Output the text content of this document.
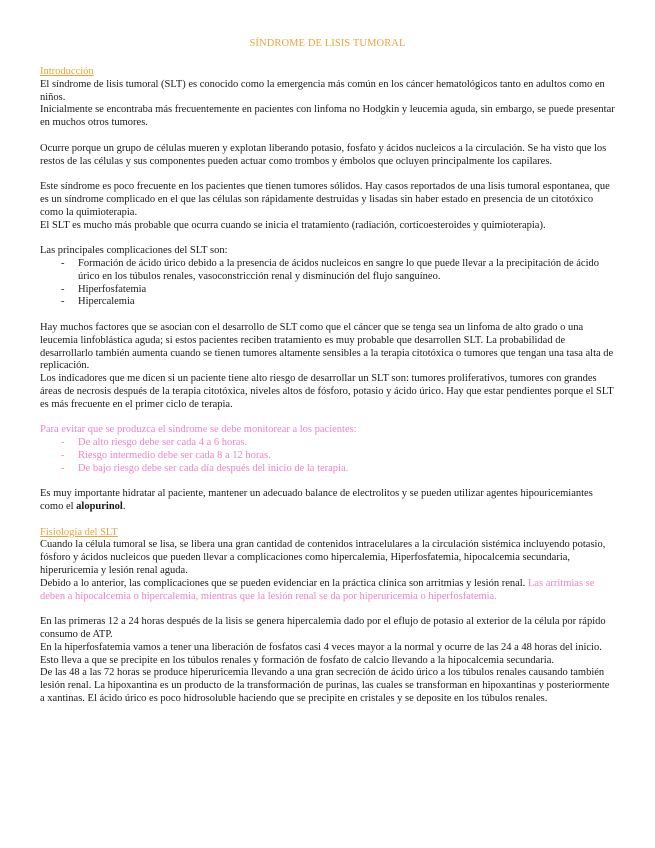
SÍNDROME DE LISIS TUMORAL
Introducción

El síndrome de lisis tumoral (SLT) es conocido como la emergencia más común en los cáncer hematológicos tanto en adultos como en niños.

Inicialmente se encontraba más frecuentemente en pacientes con linfoma no Hodgkin y leucemia aguda, sin embargo, se puede presentar en muchos otros tumores.

Ocurre porque un grupo de células mueren y explotan liberando potasio, fosfato y ácidos nucleicos a la circulación. Se ha visto que los restos de las células y sus componentes pueden actuar como trombos y émbolos que ocluyen principalmente los capilares.

Este síndrome es poco frecuente en los pacientes que tienen tumores sólidos. Hay casos reportados de una lisis tumoral espontanea, que es un síndrome complicado en el que las células son rápidamente destruidas y lisadas sin haber estado en presencia de un citotóxico como la quimioterapia.

El SLT es mucho más probable que ocurra cuando se inicia el tratamiento (radiación, corticoesteroides y quimioterapia).

Las principales complicaciones del SLT son:

- Formación de ácido úrico debido a la presencia de ácidos nucleicos en sangre lo que puede llevar a la precipitación de ácido úrico en los túbulos renales, vasoconstricción renal y disminución del flujo sanguíneo.
- Hiperfosfatemia
- Hipercalemia

Hay muchos factores que se asocian con el desarrollo de SLT como que el cáncer que se tenga sea un linfoma de alto grado o una leucemia linfoblástica aguda; si estos pacientes reciben tratamiento es muy probable que desarrollen SLT. La probabilidad de desarrollarlo también aumenta cuando se tienen tumores altamente sensibles a la terapia citotóxica o tumores que tengan una tasa alta de replicación.

Los indicadores que me dicen si un paciente tiene alto riesgo de desarrollar un SLT son: tumores proliferativos, tumores con grandes áreas de necrosis después de la terapia citotóxica, niveles altos de fósforo, potasio y ácido úrico. Hay que estar pendientes porque el SLT es más frecuente en el primer ciclo de terapia.

Para evitar que se produzca el síndrome se debe monitorear a los pacientes:

- De alto riesgo debe ser cada 4 a 6 horas.
- Riesgo intermedio debe ser cada 8 a 12 horas.
- De bajo riesgo debe ser cada día después del inicio de la terapia.

Es muy importante hidratar al paciente, mantener un adecuado balance de electrolitos y se pueden utilizar agentes hipouricemiantes como el alopurinol.

Fisiología del SLT

Cuando la célula tumoral se lisa, se libera una gran cantidad de contenidos intracelulares a la circulación sistémica incluyendo potasio, fósforo y ácidos nucleicos que pueden llevar a complicaciones como hipercalemia, Hiperfosfatemia, hipocalcemia secundaria, hiperuricemia y lesión renal aguda.

Debido a lo anterior, las complicaciones que se pueden evidenciar en la práctica clínica son arritmias y lesión renal. Las arritmias se deben a hipocalcemia o hipercalemia, mientras que la lesión renal se da por hiperuricemia o hiperfosfatemia.

En las primeras 12 a 24 horas después de la lisis se genera hipercalemia dado por el eflujo de potasio al exterior de la célula por rápido consumo de ATP.

En la hiperfosfatemia vamos a tener una liberación de fosfatos casi 4 veces mayor a la normal y ocurre de las 24 a 48 horas del inicio. Esto lleva a que se precipite en los túbulos renales y formación de fosfato de calcio llevando a la hipocalcemia secundaria.

De las 48 a las 72 horas se produce hiperuricemia llevando a una gran secreción de ácido úrico a los túbulos renales causando también lesión renal. La hipoxantina es un producto de la transformación de purinas, las cuales se transforman en hipoxantinas y posteriormente a xantinas. El ácido úrico es poco hidrosoluble haciendo que se precipite en cristales y se deposite en los túbulos renales.
